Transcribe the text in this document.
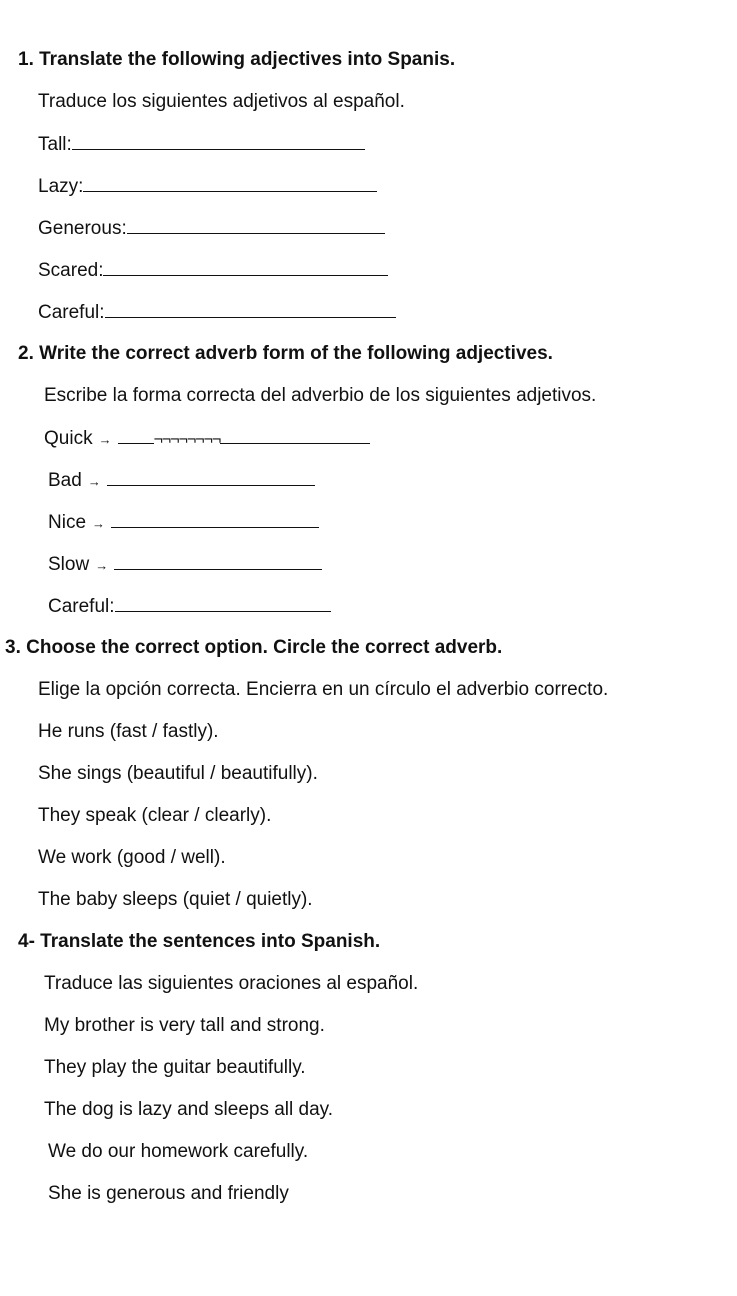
1. Translate the following adjectives into Spanis.
Traduce los siguientes adjetivos al español.
Tall:
Lazy:
Generous:
Scared:
Careful:
2. Write the correct adverb form of the following adjectives.
Escribe la forma correcta del adverbio de los siguientes adjetivos.
Quick →	¬¬¬¬¬¬¬¬
Bad →
Nice →
Slow →
Careful:
3. Choose the correct option. Circle the correct adverb.
Elige la opción correcta. Encierra en un círculo el adverbio correcto.
He runs (fast / fastly).
She sings (beautiful / beautifully).
They speak (clear / clearly).
We work (good / well).
The baby sleeps (quiet / quietly).
4- Translate the sentences into Spanish.
Traduce las siguientes oraciones al español.
My brother is very tall and strong.
They play the guitar beautifully.
The dog is lazy and sleeps all day.
We do our homework carefully.
She is generous and friendly
